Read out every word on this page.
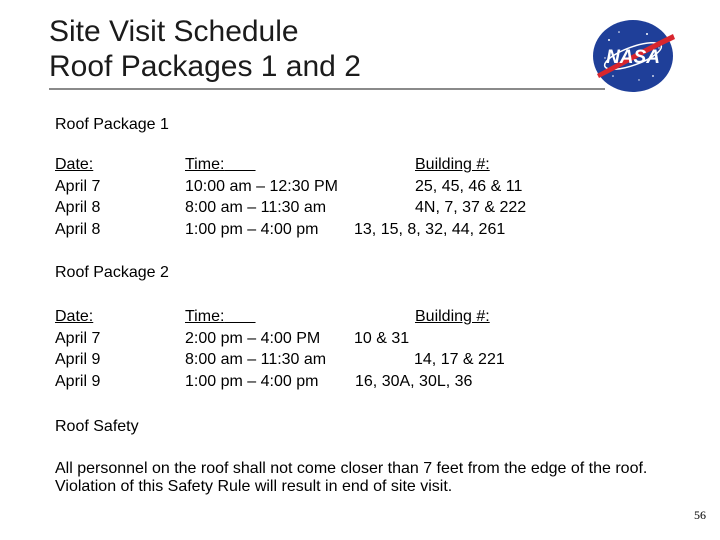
Site Visit Schedule
Roof Packages 1 and 2	NASA
Roof Package 1
Date:	Time:	Building #:
April 7	10:00 am – 12:30 PM	25, 45, 46 & 11
April 8	8:00 am – 11:30 am	4N, 7, 37 & 222
April 8	1:00 pm – 4:00 pm 13, 15, 8, 32, 44, 261
Roof Package 2
Date:	Time:	Building #:
April 7	2:00 pm – 4:00 PM 10 & 31
April 9	8:00 am – 11:30 am	14, 17 & 221
April 9	1:00 pm – 4:00 pm 16, 30A, 30L, 36
Roof Safety
All personnel on the roof shall not come closer than 7 feet from the edge of the roof. Violation of this Safety Rule will result in end of site visit.
56
